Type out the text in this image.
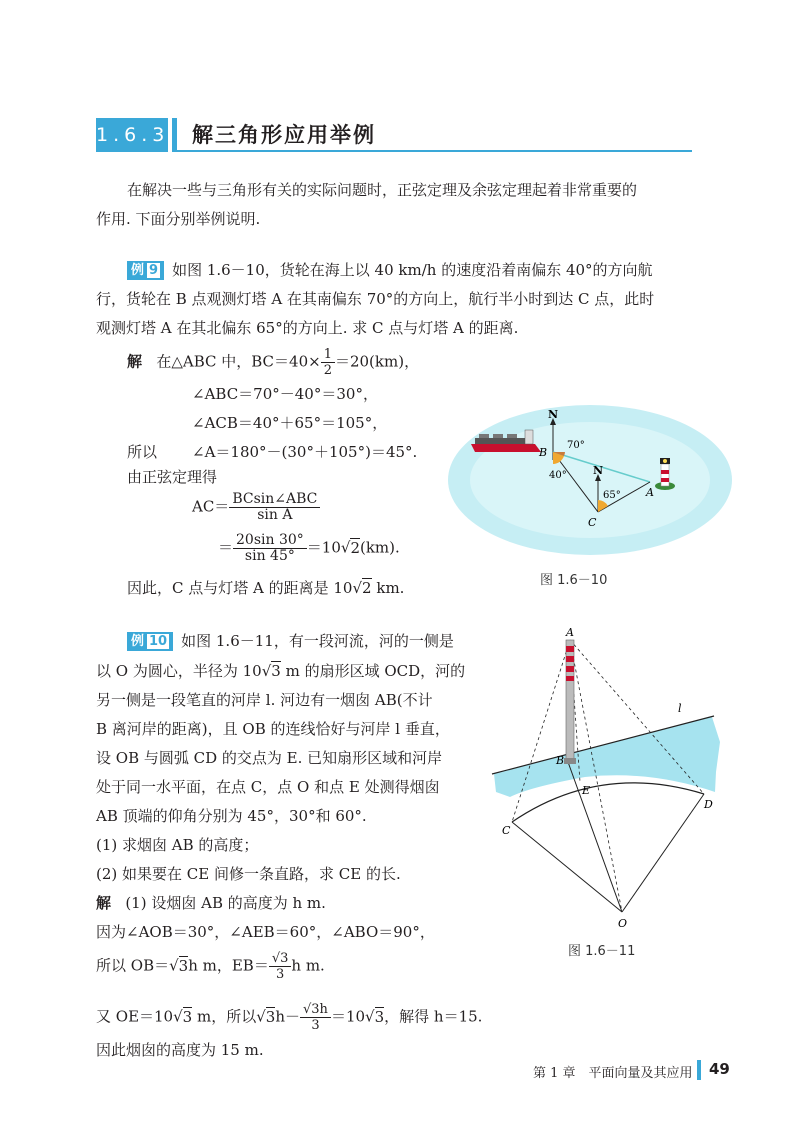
1.6.3 解三角形应用举例
在解决一些与三角形有关的实际问题时，正弦定理及余弦定理起着非常重要的
作用. 下面分别举例说明.
例 9 如图 1.6－10，货轮在海上以 40 km/h 的速度沿着南偏东 40°的方向航
行，货轮在 B 点观测灯塔 A 在其南偏东 70°的方向上，航行半小时到达 C 点，此时
观测灯塔 A 在其北偏东 65°的方向上. 求 C 点与灯塔 A 的距离.
解 在△ABC 中，$BC=40\times \frac{1}{2} =20(km)$，
∠ABC＝70°－40°＝30°，
∠ACB＝40°＋65°＝105°，
所以 ∠A＝180°－(30°＋105°)＝45°.
由正弦定理得
$AC= \frac{\text{BCsin∠ABC}}{\text{sin A}}$
＝ $\frac{20\sin 30^\circ}{\sin 45^\circ} =10√2(km)$.
因此，C 点与灯塔 A 的距离是 10√2 km.
N
B
70°
40° N
65° A
C
图 1.6－10
例 10 如图 1.6－11，有一段河流，河的一侧是
以 O 为圆心，半径为 10√3 m 的扇形区域 OCD，河的
另一侧是一段笔直的河岸 l. 河边有一烟囱 AB(不计
B 离河岸的距离)，且 OB 的连线恰好与河岸 l 垂直，
设 OB 与圆弧 CD 的交点为 E. 已知扇形区域和河岸
处于同一水平面，在点 C，点 O 和点 E 处测得烟囱
AB 顶端的仰角分别为 45°，30°和 60°.
(1) 求烟囱 AB 的高度；
(2) 如果要在 CE 间修一条直路，求 CE 的长.
解 (1) 设烟囱 AB 的高度为 h m.
因为∠AOB＝30°，∠AEB＝60°，∠ABO＝90°，
所以 OB＝√3h m，$EB= \frac{√3}{3}$ h m.
又 OE＝10√3 m，所以$√3h- \frac{√3h}{3} =10√3$，解得 h＝15.
因此烟囱的高度为 15 m.
A
l
B
E
C
D
O
图 1.6－11
第 1 章　平面向量及其应用 49
